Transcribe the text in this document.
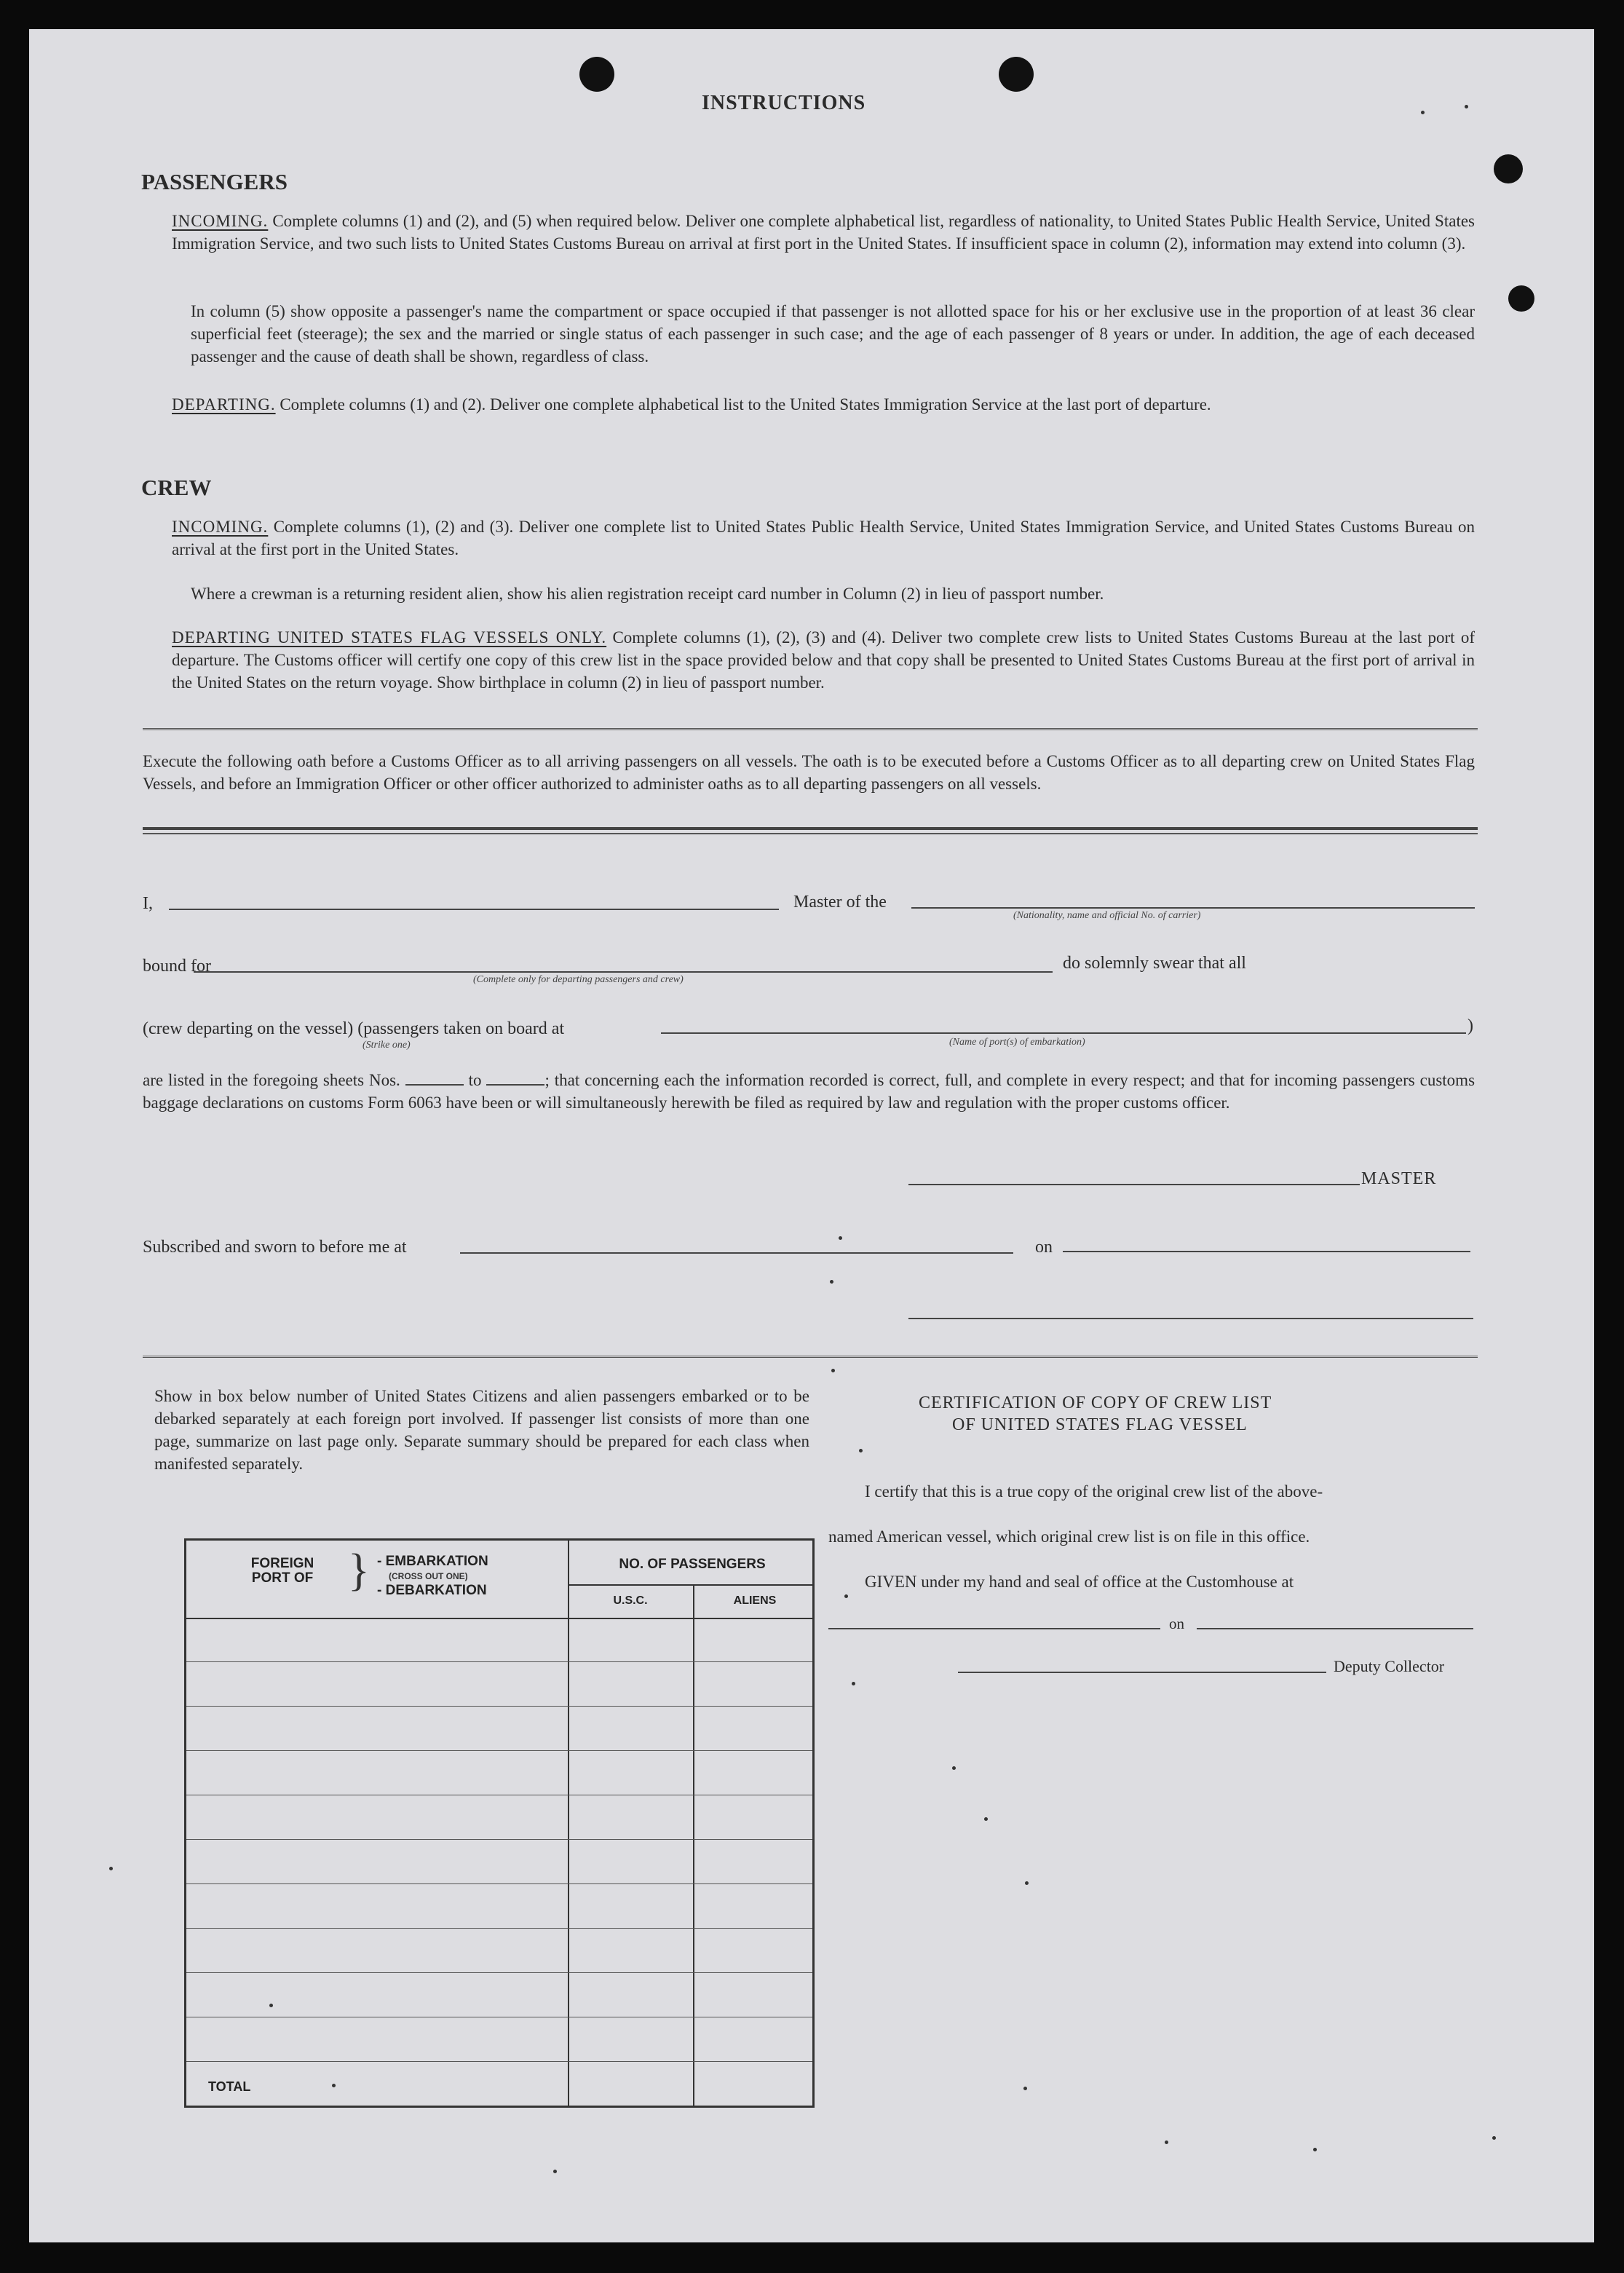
INSTRUCTIONS
PASSENGERS
INCOMING. Complete columns (1) and (2), and (5) when required below. Deliver one complete alphabetical list, regardless of nationality, to United States Public Health Service, United States Immigration Service, and two such lists to United States Customs Bureau on arrival at first port in the United States. If insufficient space in column (2), information may extend into column (3).
In column (5) show opposite a passenger's name the compartment or space occupied if that passenger is not allotted space for his or her exclusive use in the proportion of at least 36 clear superficial feet (steerage); the sex and the married or single status of each passenger in such case; and the age of each passenger of 8 years or under. In addition, the age of each deceased passenger and the cause of death shall be shown, regardless of class.
DEPARTING. Complete columns (1) and (2). Deliver one complete alphabetical list to the United States Immigration Service at the last port of departure.
CREW
INCOMING. Complete columns (1), (2) and (3). Deliver one complete list to United States Public Health Service, United States Immigration Service, and United States Customs Bureau on arrival at the first port in the United States.
Where a crewman is a returning resident alien, show his alien registration receipt card number in Column (2) in lieu of passport number.
DEPARTING UNITED STATES FLAG VESSELS ONLY. Complete columns (1), (2), (3) and (4). Deliver two complete crew lists to United States Customs Bureau at the last port of departure. The Customs officer will certify one copy of this crew list in the space provided below and that copy shall be presented to United States Customs Bureau at the first port of arrival in the United States on the return voyage. Show birthplace in column (2) in lieu of passport number.
Execute the following oath before a Customs Officer as to all arriving passengers on all vessels. The oath is to be executed before a Customs Officer as to all departing crew on United States Flag Vessels, and before an Immigration Officer or other officer authorized to administer oaths as to all departing passengers on all vessels.
I,	Master of the
(Nationality, name and official No. of carrier)
bound for
(Complete only for departing passengers and crew)
do solemnly swear that all
(crew departing on the vessel) (passengers taken on board at
(Strike one)	(Name of port(s) of embarkation)
)
are listed in the foregoing sheets Nos.	to	; that concerning each the information recorded is correct, full, and complete in every respect; and that for incoming passengers customs baggage declarations on customs Form 6063 have been or will simultaneously herewith be filed as required by law and regulation with the proper customs officer.
MASTER
Subscribed and sworn to before me at	on
Show in box below number of United States Citizens and alien passengers embarked or to be debarked separately at each foreign port involved. If passenger list consists of more than one page, summarize on last page only. Separate summary should be prepared for each class when manifested separately.
FOREIGN PORT OF } - EMBARKATION
(CROSS OUT ONE)
- DEBARKATION
NO. OF PASSENGERS
U.S.C.	ALIENS
TOTAL
CERTIFICATION OF COPY OF CREW LIST
OF UNITED STATES FLAG VESSEL
I certify that this is a true copy of the original crew list of the above-
named American vessel, which original crew list is on file in this office.
GIVEN under my hand and seal of office at the Customhouse at
on
Deputy Collector
